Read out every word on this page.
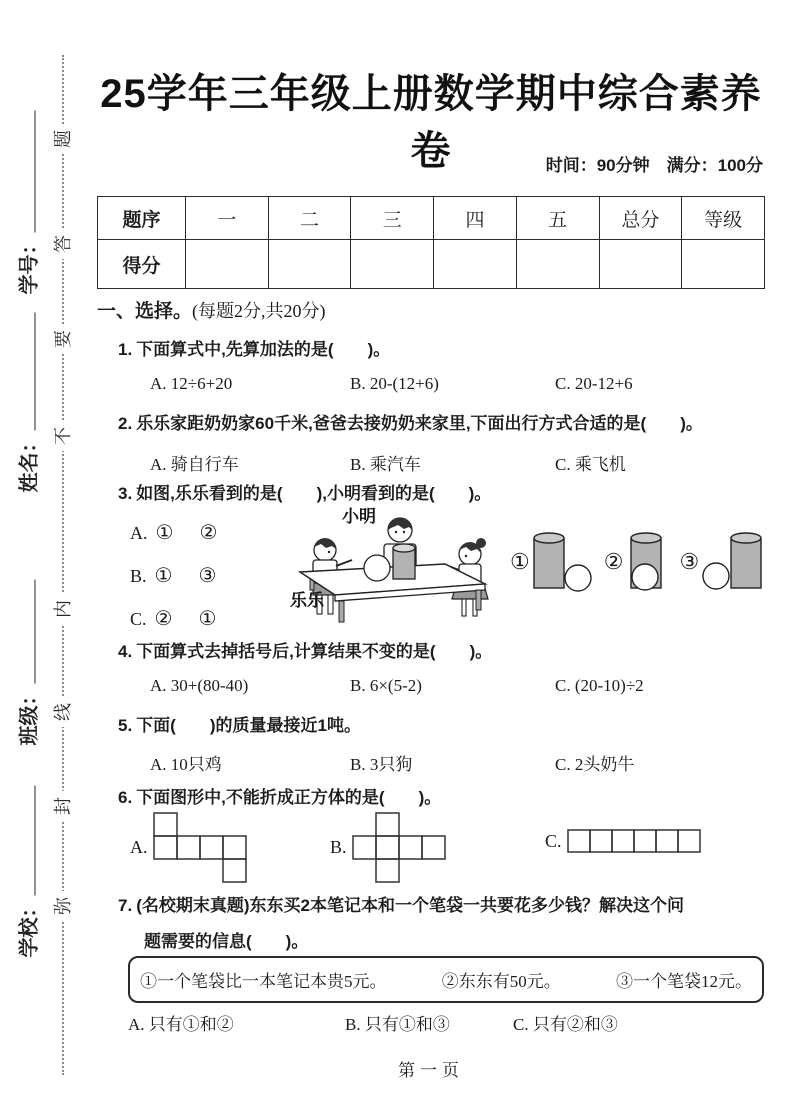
弥
封
线
内
不
要
答
题
学号：
姓名：
班级：
学校：
25学年三年级上册数学期中综合素养卷	时间：90分钟　满分：100分
题序	一	二	三	四	五	总分	等级
得分							
一、选择。(每题2分,共20分)
1. 下面算式中,先算加法的是(　　)。
A. 12÷6+20	B. 20-(12+6)	C. 20-12+6
2. 乐乐家距奶奶家60千米,爸爸去接奶奶来家里,下面出行方式合适的是(　　)。
A. 骑自行车	B. 乘汽车	C. 乘飞机
3. 如图,乐乐看到的是(　　),小明看到的是(　　)。
A. ① ②
B. ① ③
C. ② ①
小明
乐乐
①	②	③
4. 下面算式去掉括号后,计算结果不变的是(　　)。
A. 30+(80-40)	B. 6×(5-2)	C. (20-10)÷2
5. 下面(　　)的质量最接近1吨。
A. 10只鸡	B. 3只狗	C. 2头奶牛
6. 下面图形中,不能折成正方体的是(　　)。
A.	B.	C.
7. (名校期末真题)东东买2本笔记本和一个笔袋一共要花多少钱？解决这个问
题需要的信息(　　)。
①一个笔袋比一本笔记本贵5元。	②东东有50元。	③一个笔袋12元。
A. 只有①和②	B. 只有①和③	C. 只有②和③
第一页
